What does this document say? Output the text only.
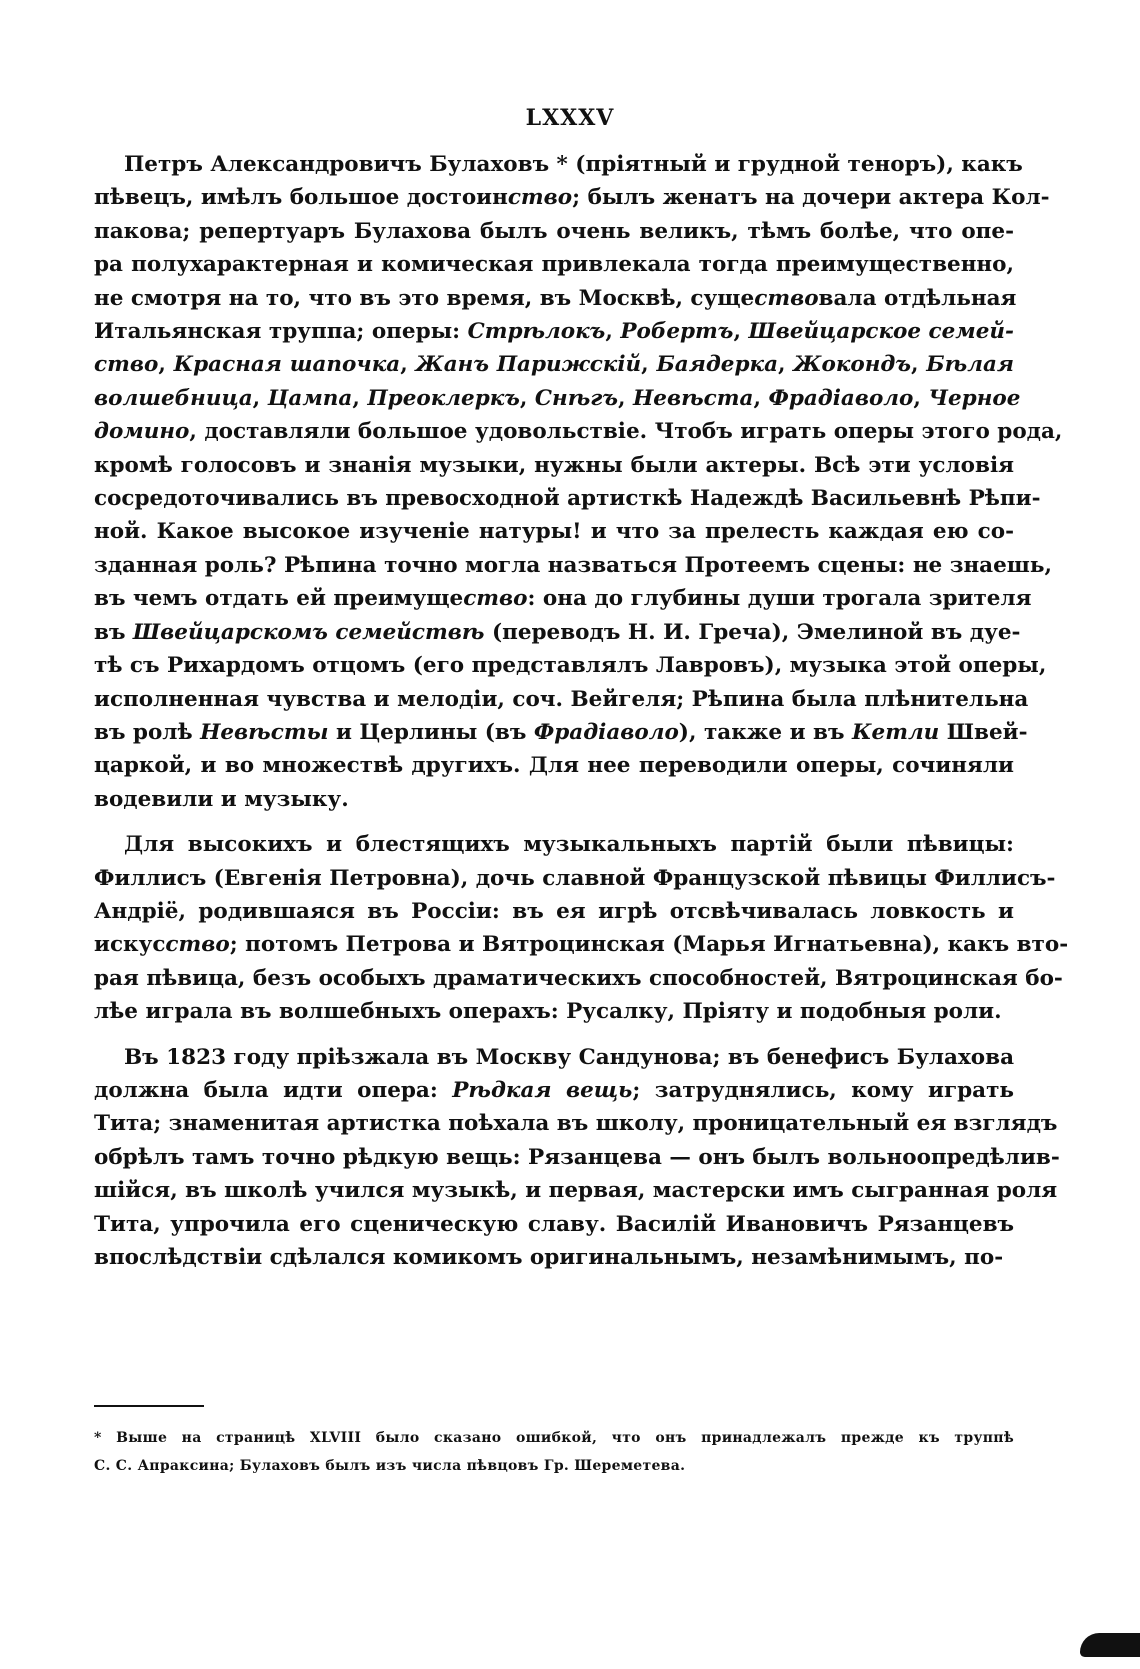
LXXXV
Петръ Александровичъ Булаховъ * (прiятный и грудной теноръ), какъ
пѣвецъ, имѣлъ большое достоинство; былъ женатъ на дочери актера Кол-
пакова; репертуаръ Булахова былъ очень великъ, тѣмъ болѣе, что опе-
ра полухарактерная и комическая привлекала тогда преимущественно,
не смотря на то, что въ это время, въ Москвѣ, существовала отдѣльная
Итальянская труппа; оперы: Стрѣлокъ, Робертъ, Швейцарское семей-
ство, Красная шапочка, Жанъ Парижскiй, Баядерка, Жокондъ, Бѣлая
волшебница, Цампа, Преоклеркъ, Снѣгъ, Невѣста, Фрадiаволо, Черное
домино, доставляли большое удовольствiе. Чтобъ играть оперы этого рода,
кромѣ голосовъ и знанiя музыки, нужны были актеры. Всѣ эти условiя
сосредоточивались въ превосходной артисткѣ Надеждѣ Васильевнѣ Рѣпи-
ной. Какое высокое изученiе натуры! и что за прелесть каждая ею со-
зданная роль? Рѣпина точно могла назваться Протеемъ сцены: не знаешь,
въ чемъ отдать ей преимущество: она до глубины души трогала зрителя
въ Швейцарскомъ семействѣ (переводъ Н. И. Греча), Эмелиной въ дуе-
тѣ съ Рихардомъ отцомъ (его представлялъ Лавровъ), музыка этой оперы,
исполненная чувства и мелодiи, соч. Вейгеля; Рѣпина была плѣнительна
въ ролѣ Невѣсты и Церлины (въ Фрадiаволо), также и въ Кетли Швей-
царкой, и во множествѣ другихъ. Для нее переводили оперы, сочиняли
водевили и музыку.
Для высокихъ и блестящихъ музыкальныхъ партiй были пѣвицы:
Филлисъ (Евгенiя Петровна), дочь славной Французской пѣвицы Филлисъ-
Андрiё, родившаяся въ Россiи: въ ея игрѣ отсвѣчивалась ловкость и
искусство; потомъ Петрова и Вятроцинская (Марья Игнатьевна), какъ вто-
рая пѣвица, безъ особыхъ драматическихъ способностей, Вятроцинская бо-
лѣе играла въ волшебныхъ операхъ: Русалку, Прiяту и подобныя роли.
Въ 1823 году прiѣзжала въ Москву Сандунова; въ бенефисъ Булахова
должна была идти опера: Рѣдкая вещь; затруднялись, кому играть
Тита; знаменитая артистка поѣхала въ школу, проницательный ея взглядъ
обрѣлъ тамъ точно рѣдкую вещь: Рязанцева — онъ былъ вольноопредѣлив-
шiйся, въ школѣ учился музыкѣ, и первая, мастерски имъ сыгранная роля
Тита, упрочила его сценическую славу. Василiй Ивановичъ Рязанцевъ
впослѣдствiи сдѣлался комикомъ оригинальнымъ, незамѣнимымъ, по-
* Выше на страницѣ XLVIII было сказано ошибкой, что онъ принадлежалъ прежде къ труппѣ
С. С. Апраксина; Булаховъ былъ изъ числа пѣвцовъ Гр. Шереметева.
